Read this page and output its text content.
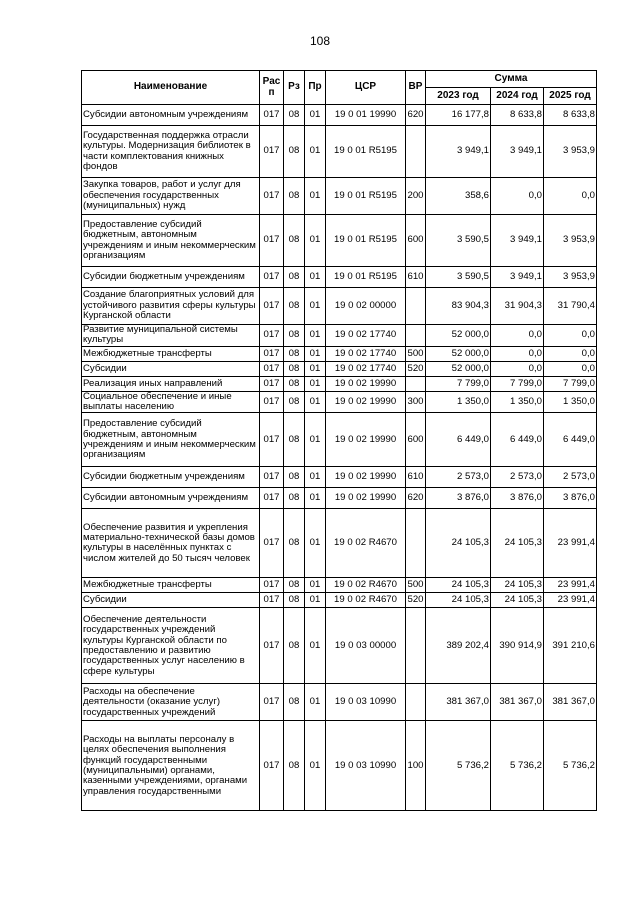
108
Наименование	Рас п	Рз	Пр	ЦСР	ВР	Сумма		
						2023 год	2024 год	2025 год
Субсидии автономным учреждениям	017	08	01	19 0 01 19990	620	16 177,8	8 633,8	8 633,8
Государственная поддержка отрасли культуры. Модернизация библиотек в части комплектования книжных фондов	017	08	01	19 0 01 R5195		3 949,1	3 949,1	3 953,9
Закупка товаров, работ и услуг для обеспечения государственных (муниципальных) нужд	017	08	01	19 0 01 R5195	200	358,6	0,0	0,0
Предоставление субсидий бюджетным, автономным учреждениям и иным некоммерческим организациям	017	08	01	19 0 01 R5195	600	3 590,5	3 949,1	3 953,9
Субсидии бюджетным учреждениям	017	08	01	19 0 01 R5195	610	3 590,5	3 949,1	3 953,9
Создание благоприятных условий для устойчивого развития сферы культуры Курганской области	017	08	01	19 0 02 00000		83 904,3	31 904,3	31 790,4
Развитие муниципальной системы культуры	017	08	01	19 0 02 17740		52 000,0	0,0	0,0
Межбюджетные трансферты	017	08	01	19 0 02 17740	500	52 000,0	0,0	0,0
Субсидии	017	08	01	19 0 02 17740	520	52 000,0	0,0	0,0
Реализация иных направлений	017	08	01	19 0 02 19990		7 799,0	7 799,0	7 799,0
Социальное обеспечение и иные выплаты населению	017	08	01	19 0 02 19990	300	1 350,0	1 350,0	1 350,0
Предоставление субсидий бюджетным, автономным учреждениям и иным некоммерческим организациям	017	08	01	19 0 02 19990	600	6 449,0	6 449,0	6 449,0
Субсидии бюджетным учреждениям	017	08	01	19 0 02 19990	610	2 573,0	2 573,0	2 573,0
Субсидии автономным учреждениям	017	08	01	19 0 02 19990	620	3 876,0	3 876,0	3 876,0
Обеспечение развития и укрепления материально-технической базы домов культуры в населённых пунктах с числом жителей до 50 тысяч человек	017	08	01	19 0 02 R4670		24 105,3	24 105,3	23 991,4
Межбюджетные трансферты	017	08	01	19 0 02 R4670	500	24 105,3	24 105,3	23 991,4
Субсидии	017	08	01	19 0 02 R4670	520	24 105,3	24 105,3	23 991,4
Обеспечение деятельности государственных учреждений культуры Курганской области по предоставлению и развитию государственных услуг населению в сфере культуры	017	08	01	19 0 03 00000		389 202,4	390 914,9	391 210,6
Расходы на обеспечение деятельности (оказание услуг) государственных учреждений	017	08	01	19 0 03 10990		381 367,0	381 367,0	381 367,0
Расходы на выплаты персоналу в целях обеспечения выполнения функций государственными (муниципальными) органами, казенными учреждениями, органами управления государственными	017	08	01	19 0 03 10990	100	5 736,2	5 736,2	5 736,2
